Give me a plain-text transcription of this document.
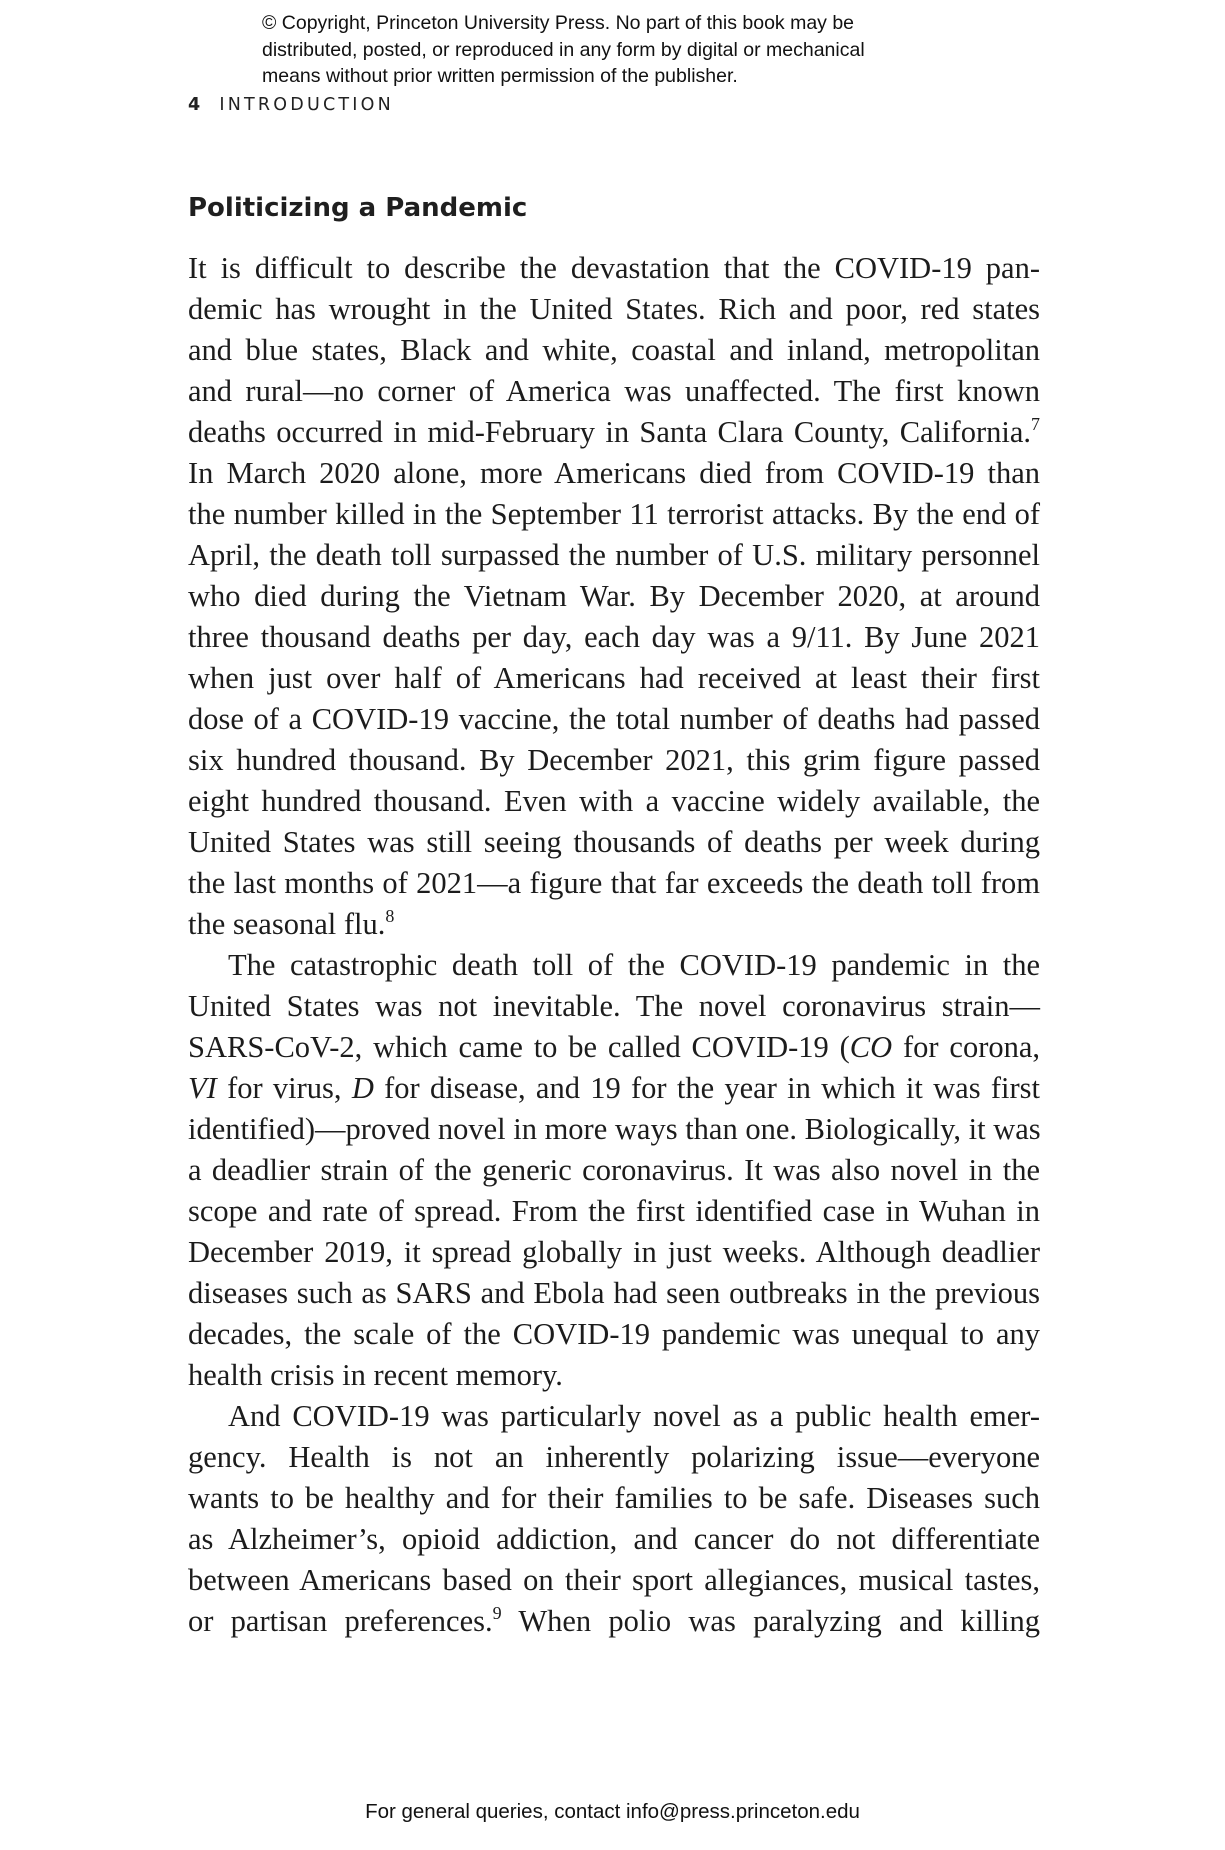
© Copyright, Princeton University Press. No part of this book may be
distributed, posted, or reproduced in any form by digital or mechanical
means without prior written permission of the publisher.
4 INTRODUCTION
Politicizing a Pandemic
It is difficult to describe the devastation that the COVID-19 pan-
demic has wrought in the United States. Rich and poor, red states
and blue states, Black and white, coastal and inland, metropolitan
and rural—no corner of America was unaffected. The first known
deaths occurred in mid-February in Santa Clara County, California.$^7$
In March 2020 alone, more Americans died from COVID-19 than
the number killed in the September 11 terrorist attacks. By the end of
April, the death toll surpassed the number of U.S. military personnel
who died during the Vietnam War. By December 2020, at around
three thousand deaths per day, each day was a 9/11. By June 2021
when just over half of Americans had received at least their first
dose of a COVID-19 vaccine, the total number of deaths had passed
six hundred thousand. By December 2021, this grim figure passed
eight hundred thousand. Even with a vaccine widely available, the
United States was still seeing thousands of deaths per week during
the last months of 2021—a figure that far exceeds the death toll from
the seasonal flu.$^8$
The catastrophic death toll of the COVID-19 pandemic in the
United States was not inevitable. The novel coronavirus strain—
SARS-CoV-2, which came to be called COVID-19 (CO for corona,
VI for virus, D for disease, and 19 for the year in which it was first
identified)—proved novel in more ways than one. Biologically, it was
a deadlier strain of the generic coronavirus. It was also novel in the
scope and rate of spread. From the first identified case in Wuhan in
December 2019, it spread globally in just weeks. Although deadlier
diseases such as SARS and Ebola had seen outbreaks in the previous
decades, the scale of the COVID-19 pandemic was unequal to any
health crisis in recent memory.
And COVID-19 was particularly novel as a public health emer-
gency. Health is not an inherently polarizing issue—everyone
wants to be healthy and for their families to be safe. Diseases such
as Alzheimer’s, opioid addiction, and cancer do not differentiate
between Americans based on their sport allegiances, musical tastes,
or partisan preferences.$^9$ When polio was paralyzing and killing
For general queries, contact info@press.princeton.edu
